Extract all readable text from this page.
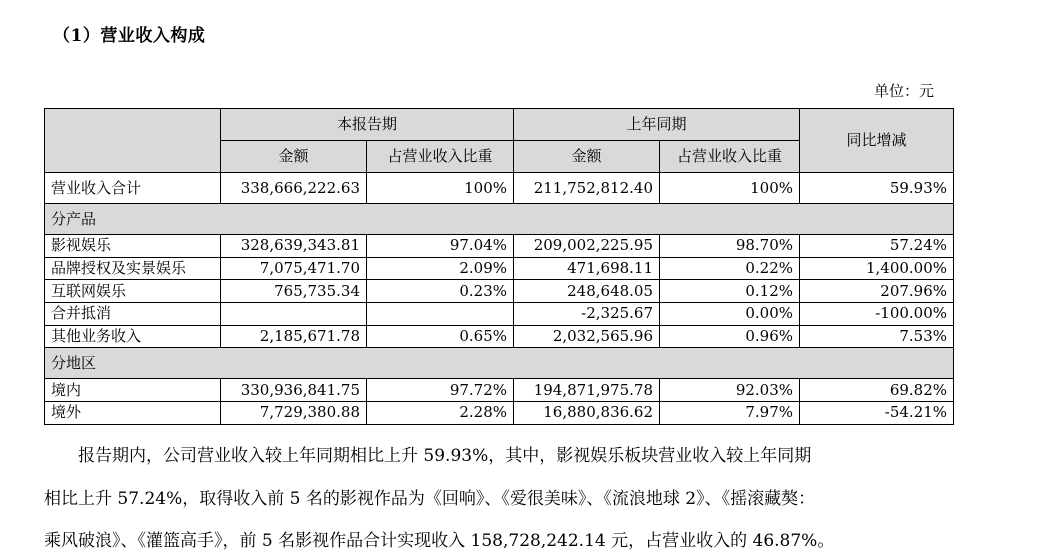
（1）营业收入构成
单位：元
	本报告期		上年同期		同比增减
	金额	占营业收入比重	金额	占营业收入比重	
营业收入合计	338,666,222.63	100%	211,752,812.40	100%	59.93%
分产品					
影视娱乐	328,639,343.81	97.04%	209,002,225.95	98.70%	57.24%
品牌授权及实景娱乐	7,075,471.70	2.09%	471,698.11	0.22%	1,400.00%
互联网娱乐	765,735.34	0.23%	248,648.05	0.12%	207.96%
合并抵消			-2,325.67	0.00%	-100.00%
其他业务收入	2,185,671.78	0.65%	2,032,565.96	0.96%	7.53%
分地区					
境内	330,936,841.75	97.72%	194,871,975.78	92.03%	69.82%
境外	7,729,380.88	2.28%	16,880,836.62	7.97%	-54.21%
报告期内，公司营业收入较上年同期相比上升 59.93%，其中，影视娱乐板块营业收入较上年同期
相比上升 57.24%，取得收入前 5 名的影视作品为《回响》、《爱很美味》、《流浪地球 2》、《摇滚藏獒：
乘风破浪》、《灌篮高手》，前 5 名影视作品合计实现收入 158,728,242.14 元，占营业收入的 46.87%。
